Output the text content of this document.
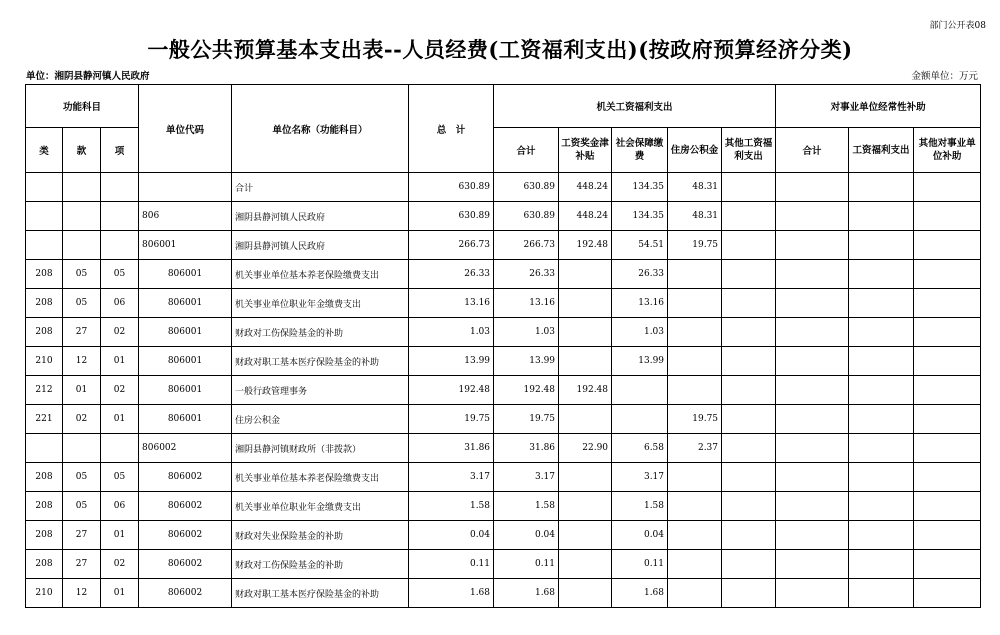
部门公开表08
一般公共预算基本支出表--人员经费(工资福利支出)(按政府预算经济分类)
单位：湘阴县静河镇人民政府	金额单位：万元
功能科目			单位代码	单位名称（功能科目）	总　计	机关工资福利支出					对事业单位经常性补助		
类	款	项				合计	工资奖金津补贴	社会保障缴费	住房公积金	其他工资福利支出	合计	工资福利支出	其他对事业单位补助
				合计	630.89	630.89	448.24	134.35	48.31				
			806	湘阴县静河镇人民政府	630.89	630.89	448.24	134.35	48.31				
			806001	湘阴县静河镇人民政府	266.73	266.73	192.48	54.51	19.75				
208	05	05	806001	机关事业单位基本养老保险缴费支出	26.33	26.33		26.33					
208	05	06	806001	机关事业单位职业年金缴费支出	13.16	13.16		13.16					
208	27	02	806001	财政对工伤保险基金的补助	1.03	1.03		1.03					
210	12	01	806001	财政对职工基本医疗保险基金的补助	13.99	13.99		13.99					
212	01	02	806001	一般行政管理事务	192.48	192.48	192.48						
221	02	01	806001	住房公积金	19.75	19.75			19.75				
			806002	湘阴县静河镇财政所（非拨款）	31.86	31.86	22.90	6.58	2.37				
208	05	05	806002	机关事业单位基本养老保险缴费支出	3.17	3.17		3.17					
208	05	06	806002	机关事业单位职业年金缴费支出	1.58	1.58		1.58					
208	27	01	806002	财政对失业保险基金的补助	0.04	0.04		0.04					
208	27	02	806002	财政对工伤保险基金的补助	0.11	0.11		0.11					
210	12	01	806002	财政对职工基本医疗保险基金的补助	1.68	1.68		1.68					
